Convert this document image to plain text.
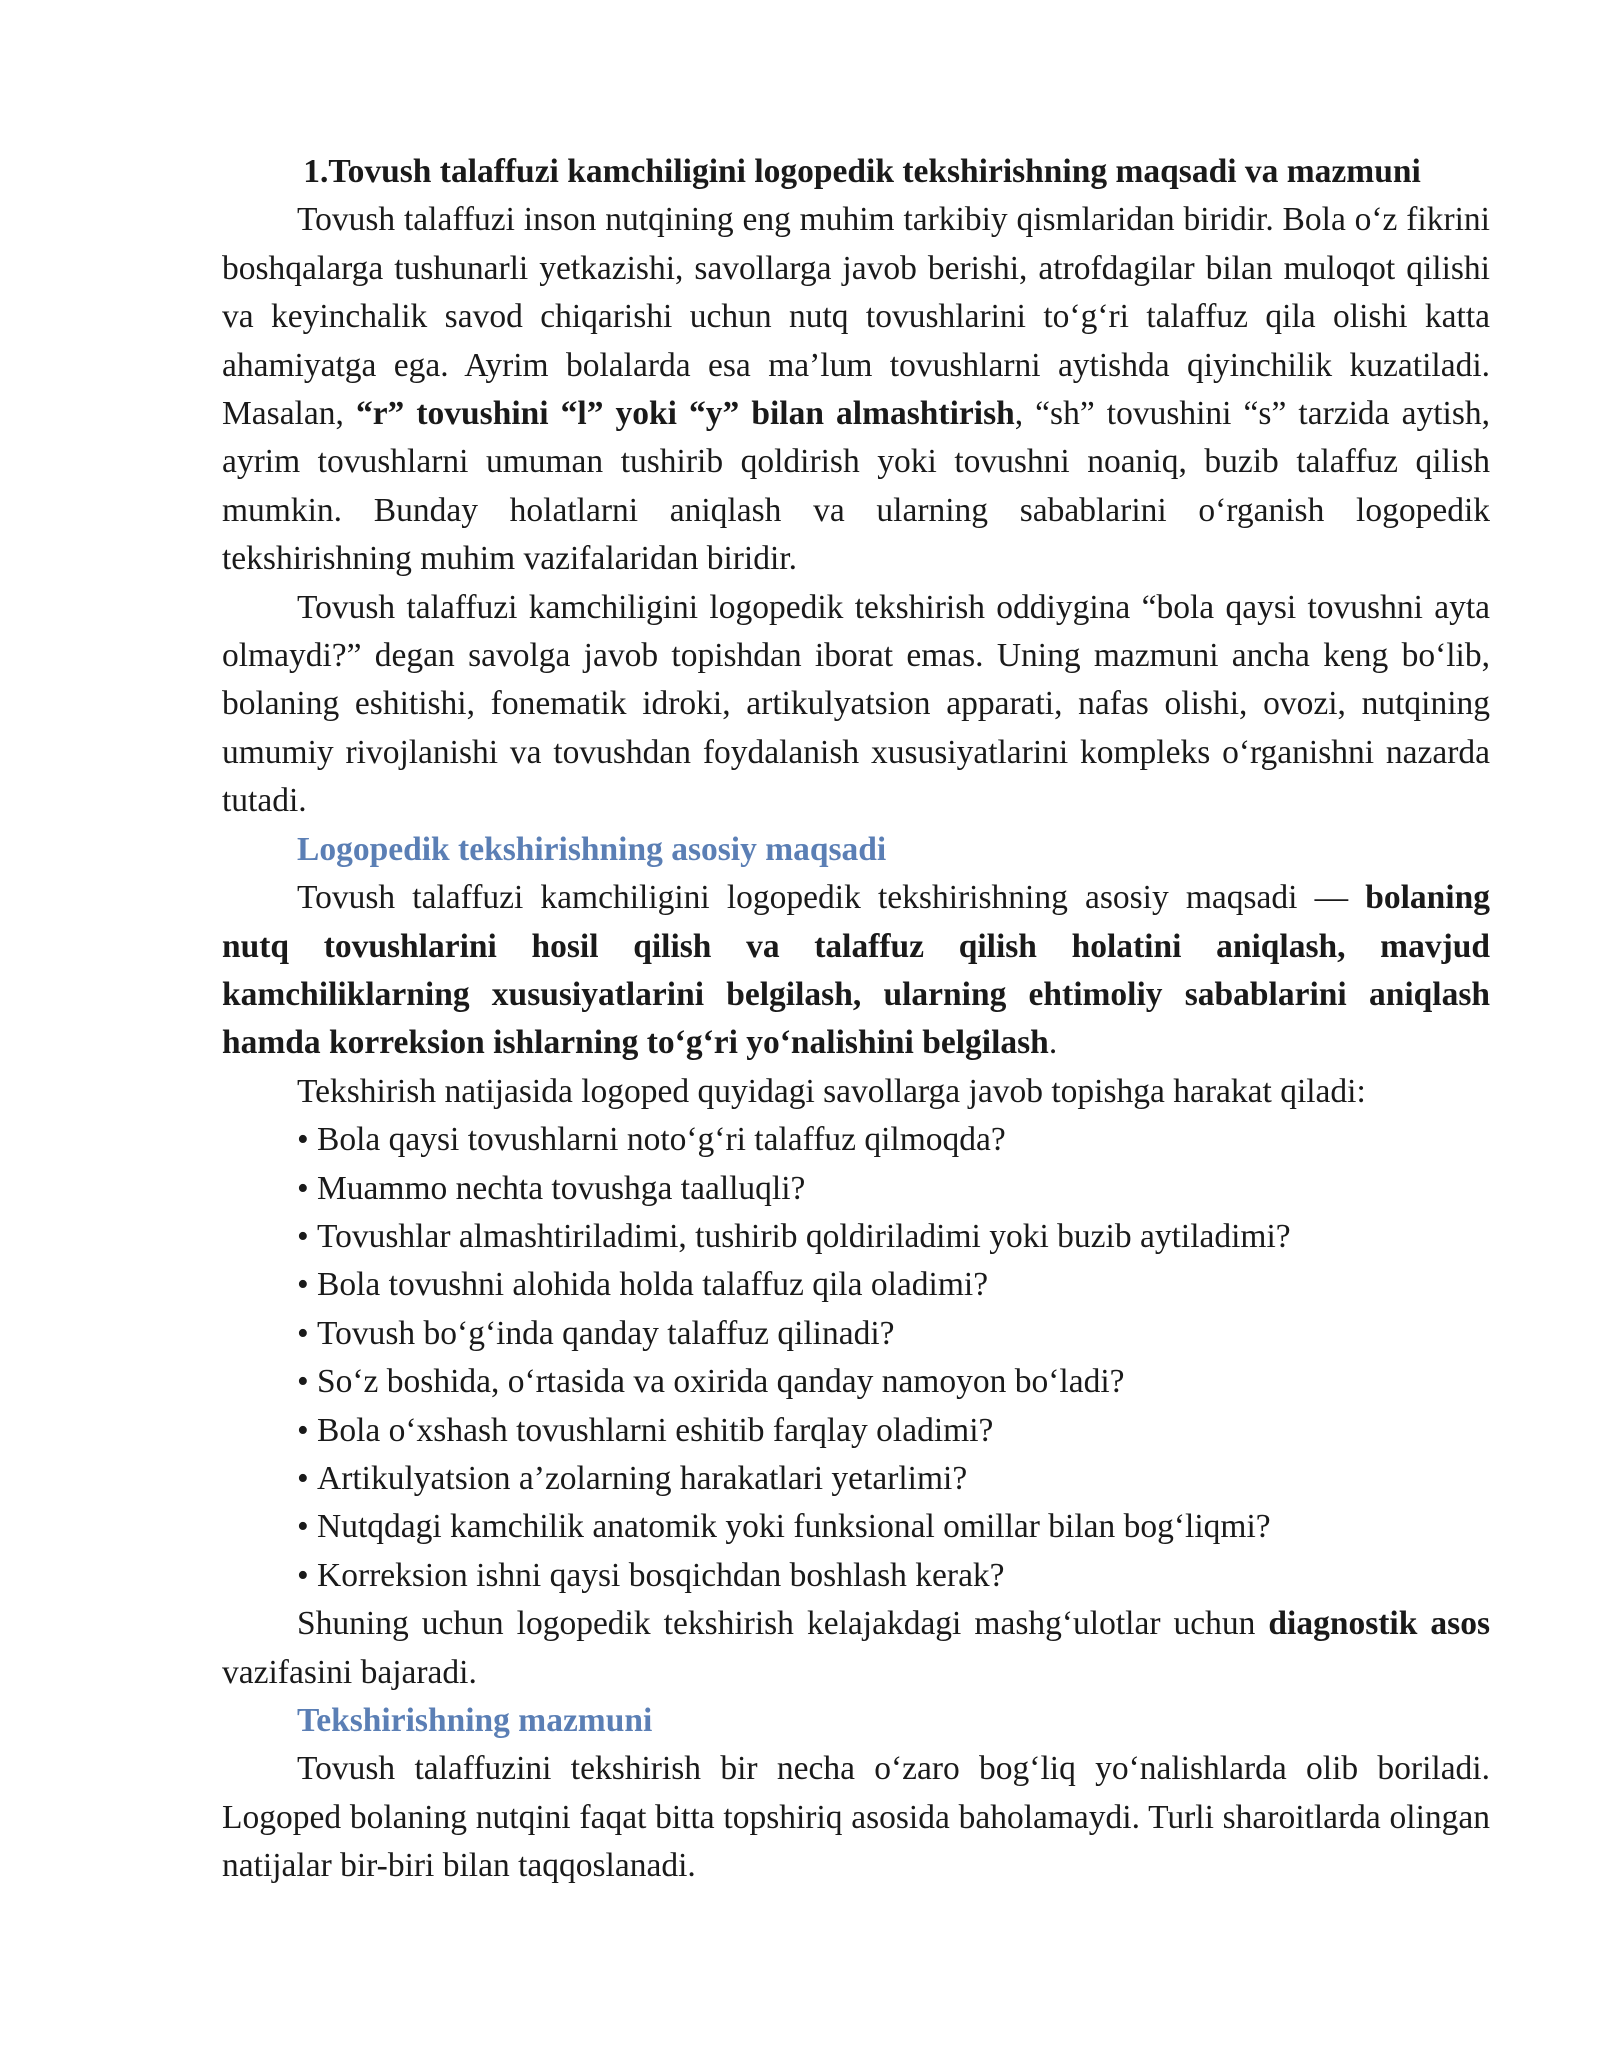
1.Tovush talaffuzi kamchiligini logopedik tekshirishning maqsadi va mazmuni

Tovush talaffuzi inson nutqining eng muhim tarkibiy qismlaridan biridir. Bola o‘z fikrini boshqalarga tushunarli yetkazishi, savollarga javob berishi, atrofdagilar bilan muloqot qilishi va keyinchalik savod chiqarishi uchun nutq tovushlarini to‘g‘ri talaffuz qila olishi katta ahamiyatga ega. Ayrim bolalarda esa ma’lum tovushlarni aytishda qiyinchilik kuzatiladi. Masalan, “r” tovushini “l” yoki “y” bilan almashtirish, “sh” tovushini “s” tarzida aytish, ayrim tovushlarni umuman tushirib qoldirish yoki tovushni noaniq, buzib talaffuz qilish mumkin. Bunday holatlarni aniqlash va ularning sabablarini o‘rganish logopedik tekshirishning muhim vazifalaridan biridir.

Tovush talaffuzi kamchiligini logopedik tekshirish oddiygina “bola qaysi tovushni ayta olmaydi?” degan savolga javob topishdan iborat emas. Uning mazmuni ancha keng bo‘lib, bolaning eshitishi, fonematik idroki, artikulyatsion apparati, nafas olishi, ovozi, nutqining umumiy rivojlanishi va tovushdan foydalanish xususiyatlarini kompleks o‘rganishni nazarda tutadi.

Logopedik tekshirishning asosiy maqsadi

Tovush talaffuzi kamchiligini logopedik tekshirishning asosiy maqsadi — bolaning nutq tovushlarini hosil qilish va talaffuz qilish holatini aniqlash, mavjud kamchiliklarning xususiyatlarini belgilash, ularning ehtimoliy sabablarini aniqlash hamda korreksion ishlarning to‘g‘ri yo‘nalishini belgilash.

Tekshirish natijasida logoped quyidagi savollarga javob topishga harakat qiladi:

• Bola qaysi tovushlarni noto‘g‘ri talaffuz qilmoqda?
• Muammo nechta tovushga taalluqli?
• Tovushlar almashtiriladimi, tushirib qoldiriladimi yoki buzib aytiladimi?
• Bola tovushni alohida holda talaffuz qila oladimi?
• Tovush bo‘g‘inda qanday talaffuz qilinadi?
• So‘z boshida, o‘rtasida va oxirida qanday namoyon bo‘ladi?
• Bola o‘xshash tovushlarni eshitib farqlay oladimi?
• Artikulyatsion a’zolarning harakatlari yetarlimi?
• Nutqdagi kamchilik anatomik yoki funksional omillar bilan bog‘liqmi?
• Korreksion ishni qaysi bosqichdan boshlash kerak?

Shuning uchun logopedik tekshirish kelajakdagi mashg‘ulotlar uchun diagnostik asos vazifasini bajaradi.

Tekshirishning mazmuni

Tovush talaffuzini tekshirish bir necha o‘zaro bog‘liq yo‘nalishlarda olib boriladi. Logoped bolaning nutqini faqat bitta topshiriq asosida baholamaydi. Turli sharoitlarda olingan natijalar bir-biri bilan taqqoslanadi.
